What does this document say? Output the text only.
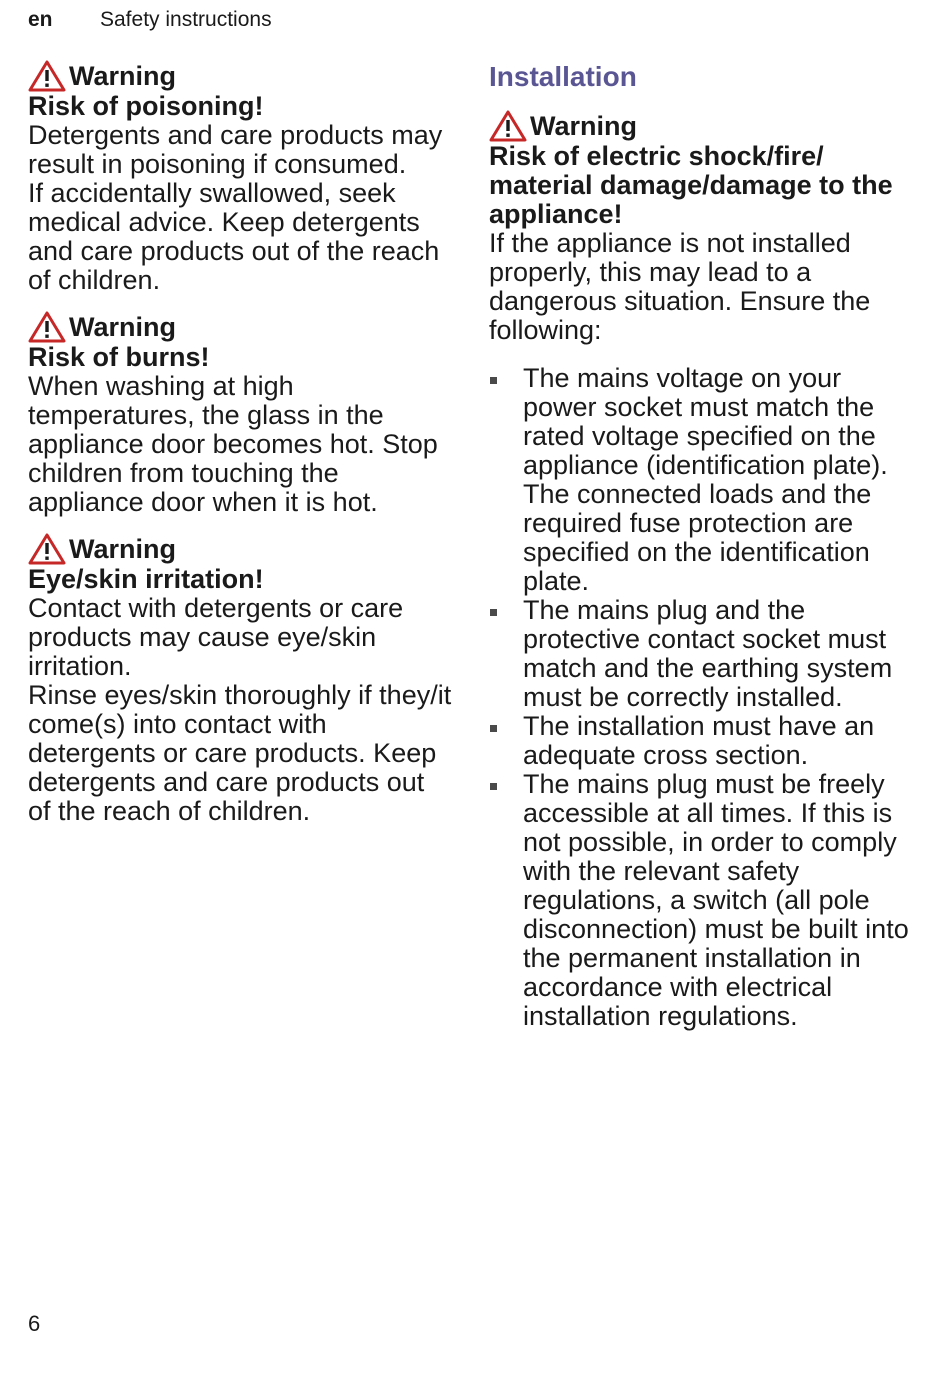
en Safety instructions
Warning
Risk of poisoning!
Detergents and care products may result in poisoning if consumed.
If accidentally swallowed, seek medical advice. Keep detergents and care products out of the reach of children.
Warning
Risk of burns!
When washing at high temperatures, the glass in the appliance door becomes hot. Stop children from touching the appliance door when it is hot.
Warning
Eye/skin irritation!
Contact with detergents or care products may cause eye/skin irritation.
Rinse eyes/skin thoroughly if they/it come(s) into contact with detergents or care products. Keep detergents and care products out of the reach of children.
Installation
Warning
Risk of electric shock/fire/ material damage/damage to the appliance!
If the appliance is not installed properly, this may lead to a dangerous situation. Ensure the following:
The mains voltage on your power socket must match the rated voltage specified on the appliance (identification plate). The connected loads and the required fuse protection are specified on the identification plate.
The mains plug and the protective contact socket must match and the earthing system must be correctly installed.
The installation must have an adequate cross section.
The mains plug must be freely accessible at all times. If this is not possible, in order to comply with the relevant safety regulations, a switch (all pole disconnection) must be built into the permanent installation in accordance with electrical installation regulations.
6
